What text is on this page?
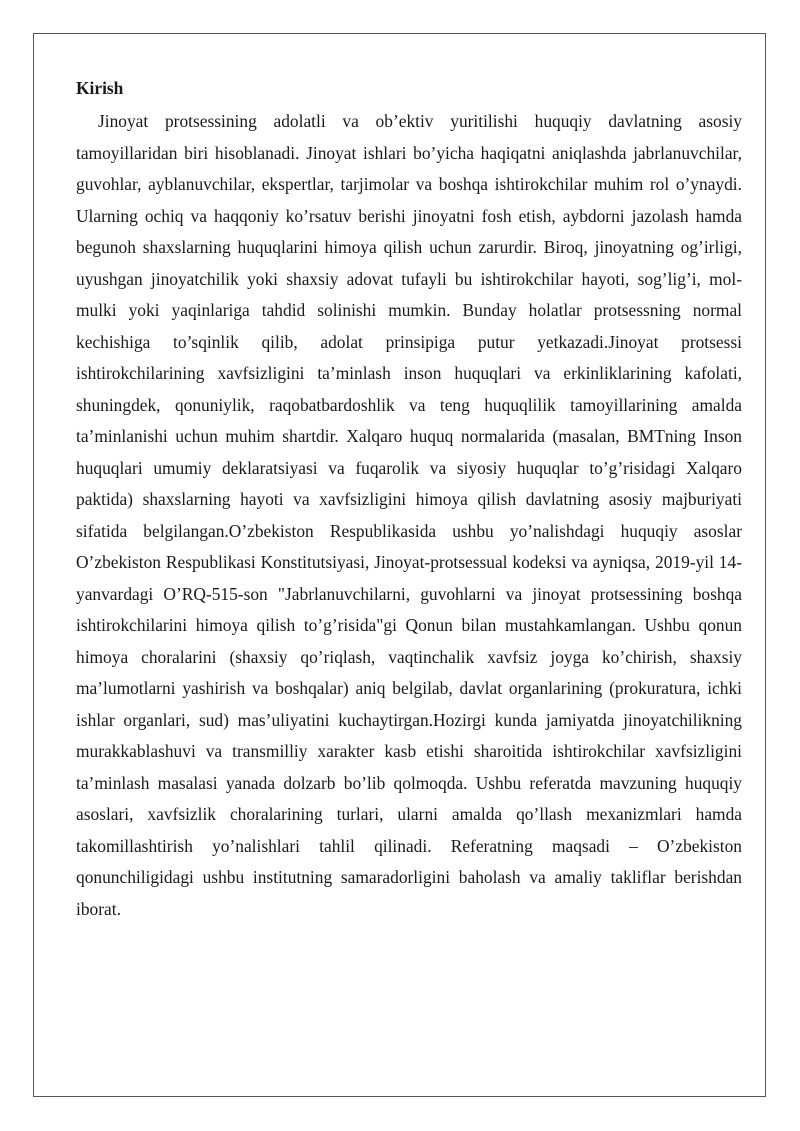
Kirish

Jinoyat protsessining adolatli va ob’ektiv yuritilishi huquqiy davlatning asosiy tamoyillaridan biri hisoblanadi. Jinoyat ishlari bo’yicha haqiqatni aniqlashda jabrlanuvchilar, guvohlar, ayblanuvchilar, ekspertlar, tarjimolar va boshqa ishtirokchilar muhim rol o’ynaydi. Ularning ochiq va haqqoniy ko’rsatuv berishi jinoyatni fosh etish, aybdorni jazolash hamda begunoh shaxslarning huquqlarini himoya qilish uchun zarurdir. Biroq, jinoyatning og’irligi, uyushgan jinoyatchilik yoki shaxsiy adovat tufayli bu ishtirokchilar hayoti, sog’lig’i, mol-mulki yoki yaqinlariga tahdid solinishi mumkin. Bunday holatlar protsessning normal kechishiga to’sqinlik qilib, adolat prinsipiga putur yetkazadi.Jinoyat protsessi ishtirokchilarining xavfsizligini ta’minlash inson huquqlari va erkinliklarining kafolati, shuningdek, qonuniylik, raqobatbardoshlik va teng huquqlilik tamoyillarining amalda ta’minlanishi uchun muhim shartdir. Xalqaro huquq normalarida (masalan, BMTning Inson huquqlari umumiy deklaratsiyasi va fuqarolik va siyosiy huquqlar to’g’risidagi Xalqaro paktida) shaxslarning hayoti va xavfsizligini himoya qilish davlatning asosiy majburiyati sifatida belgilangan.O’zbekiston Respublikasida ushbu yo’nalishdagi huquqiy asoslar O’zbekiston Respublikasi Konstitutsiyasi, Jinoyat-protsessual kodeksi va ayniqsa, 2019-yil 14-yanvardagi O’RQ-515-son "Jabrlanuvchilarni, guvohlarni va jinoyat protsessining boshqa ishtirokchilarini himoya qilish to’g’risida"gi Qonun bilan mustahkamlangan. Ushbu qonun himoya choralarini (shaxsiy qo’riqlash, vaqtinchalik xavfsiz joyga ko’chirish, shaxsiy ma’lumotlarni yashirish va boshqalar) aniq belgilab, davlat organlarining (prokuratura, ichki ishlar organlari, sud) mas’uliyatini kuchaytirgan.Hozirgi kunda jamiyatda jinoyatchilikning murakkablashuvi va transmilliy xarakter kasb etishi sharoitida ishtirokchilar xavfsizligini ta’minlash masalasi yanada dolzarb bo’lib qolmoqda. Ushbu referatda mavzuning huquqiy asoslari, xavfsizlik choralarining turlari, ularni amalda qo’llash mexanizmlari hamda takomillashtirish yo’nalishlari tahlil qilinadi. Referatning maqsadi – O’zbekiston qonunchiligidagi ushbu institutning samaradorligini baholash va amaliy takliflar berishdan iborat.
